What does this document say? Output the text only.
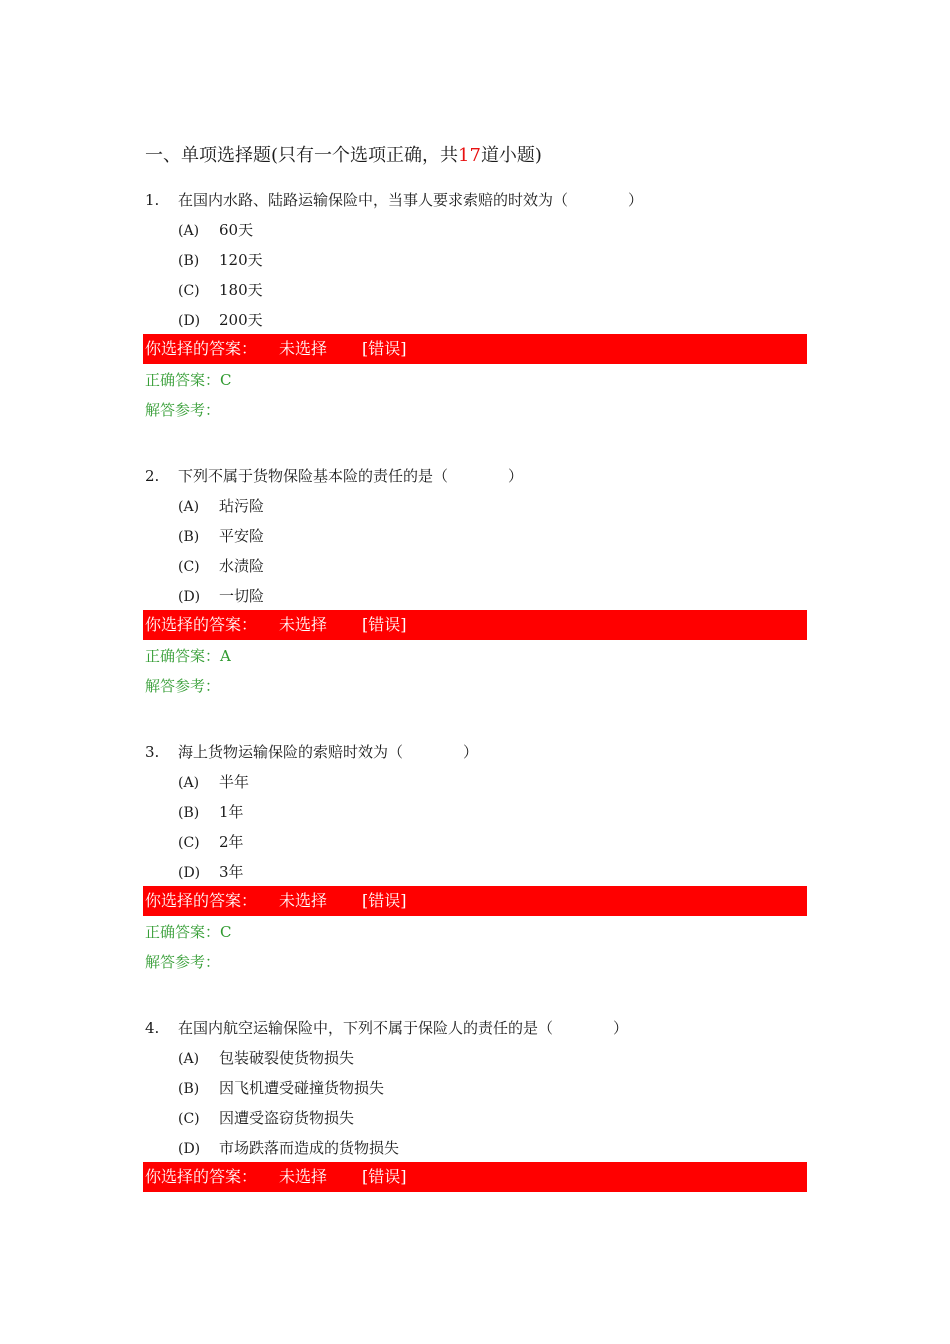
一、单项选择题(只有一个选项正确，共17道小题)
1. 在国内水路、陆路运输保险中，当事人要求索赔的时效为（　　　　）
(A) 60天
(B) 120天
(C) 180天
(D) 200天
你选择的答案： 未选择 [错误]
正确答案：C
解答参考：
2. 下列不属于货物保险基本险的责任的是（　　　　）
(A) 玷污险
(B) 平安险
(C) 水渍险
(D) 一切险
你选择的答案： 未选择 [错误]
正确答案：A
解答参考：
3. 海上货物运输保险的索赔时效为（　　　　）
(A) 半年
(B) 1年
(C) 2年
(D) 3年
你选择的答案： 未选择 [错误]
正确答案：C
解答参考：
4. 在国内航空运输保险中，下列不属于保险人的责任的是（　　　　）
(A) 包装破裂使货物损失
(B) 因飞机遭受碰撞货物损失
(C) 因遭受盗窃货物损失
(D) 市场跌落而造成的货物损失
你选择的答案： 未选择 [错误]
